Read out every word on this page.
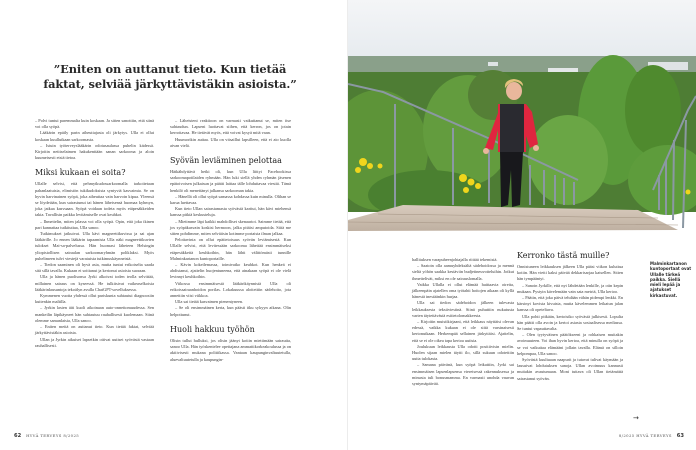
”Eniten on auttanut tieto. Kun tietää faktat, selviää järkyttävistäkin asioista.”

– Polvi tuntui paremmalta kuin koskaan. Ja sitten sanottiin, että siinä voi olla syöpä.

Lääkärin epäily parin aiheuttajasta oli järkytys. Ulla ei ollut koskaan kuullutkaan sarkoomasta.

– Istuin työterveyslääkärin odotusaulassa puhelin kädessä. Kirjoitin netitselaimen hakukenttään sanan sarkooma ja aloin kuumeisesti etsiä tietoa.

Miksi kukaan ei soita?

Ullalle selvisi, että pehmytkudossarkoomalla tarkoitetaan pahanlaatuisia, elimistön tukikudoksista syntyviä kasvaimia. Se on hyvin harvinainen syöpä, joka aiheuttaa vain harvoin kipua. Yleensä se löydetään, kun sairastunut tai hänen läheisensä huomaa kyhmyn, joka jatkaa kasvuaan. Syöpä voidaan todeta myös etäpesäkkeiden takia. Tavallisin paikka levitämiselle ovat keuhkot.

– Ihmettelin, miten jalassa voi olla syöpä. Opin, että joka ikinen pari kannattaa tutkituttaa, Ulla sanoo.

Tutkimukset jatkuivat. Ulla kävi magneettikuvissa ja sai ajan lääkärille. Jo ennen lääkärin tapaamista Ulla näki magneettikuvien tulokset Mai-sa-palvelussa. Hän huomasi läheteen Helsingin yliopistollisen sairaalan sarkoomaryhmän poliklaksi. Myös puhelimeen tulvi viestejä varatuista tutkimuskäynneistä.

– Tiedon saaminen oli hyvä asia, mutta tuntui erikoiselta saada sitä sillä tavalla. Kukaan ei soittanut ja kertonut asioista suoraan.

Ulla ja hänen puolisonsa Jyrki alkoivat toden teolla selvittää, millainen sairaus on kyseessä. He tulkitsivat vaikeaselkoisia lääkärinlausuntoja tekoälyn avulla ChatGPT-sovelluksessa.

Kymmenen vuotta yhdessä ollut pariskunta suhtautui diagnoosiin kuitenkin maltilla.

– Jyrkin lasten äiti kuoli aikoinaan auto-onnettomuudessa. Sen mankeilin läpikäyneet hän suhtautuu rauhallisesti kuolemaan. Siinä olemme samanlaisia, Ulla sanoo.

– Eniten meitä on auttanut tieto. Kun tietää faktat, selviää järkyttävistäkin asioista.

Ullan ja Jyrkin aikuiset lapsetkin ottivat uutiset syövästä vastaan rauhallisesti.

– Läheisteni reaktioon on varmasti vaikuttanut se, miten itse suhtaudun. Lapseni luottavat siihen, että kerron, jos on jotain kerrottavaa. He tietävät myös, että voivat kysyä mitä vaan.

Huumorikin auttaa. Ulla on vitsaillut lapsilleen, että ei aio kuolla aivan vielä.

Syövän leviäminen pelottaa

Hätkähdyttävä hetki oli, kun Ulla liittyi Facebookissa sarkoomapotilaiden ryhmään. Hän luki siellä yhden ryhmän jäsenen epätoivoisen julkaisun ja päätti laittaa tälle lohduttavaa viestiä. Tämä henkilö oli menettänyt jalkansa sarkooman takia.

– Hänellä oli ollut syöpä samassa kohdassa kuin minulla. Olihan se karua luettavaa.

Kun tieto Ullan sairastamasta syövästä karttui, hän kävi miehensä kanssa pitkiä keskusteluja.

– Mietimme läpi kaikki mahdolliset skenaariot. Saimme tietää, että jos syöpäkasvain koskisi hermoon, jalka pitäisi amputoida. Siitä me sitten pohdimme, miten selviäisin kotimme portaista ilman jalkaa.

Pelottavinta on ollut epätietoisuus syövän leviämisestä. Kun Ullalle selvisi, että levitessään sarkooma lähettää ensimmäiseksi etäpesäkkeitä keuhkoihin, hän lähti välittömästi tunnille Malminkartanon kuntoportaille.

– Kävin kokeilemassa, toimivatko keuhkot. Kun henkeä ei ahdistanut, ajattelin huojentuneena, että ainakaan syöpä ei ole vielä levinnyt keuhkoihin.

Viikossa ensimmäisestä lääkärikäynnistä Ulla oli erikoissairaanhoidon porilas. Lokakuussa aloitettiin sädehoito, jota annettiin viisi viikkoa.

Ulla sai tietää kasvaimen pienentyneen.

– Se oli ensimmäinen kerta, kun päästi itku sykyyn aikana. Olin helpottunut.

Huoli hakkuu työhön

Olisin tullut hulluksi, jos olisin jäänyt kotiin miettimään sairautta, sanoo Ulla. Hän työskentelee opettajana ammattikorkeakoulussa ja on aktiivisesti mukana politiikassa. Vantaan kaupunginvaltuutetulla, aluevaltuutetulla ja kaupungin-

62 HYVÄ TERVEYS 8/2025

hallituksen varapuheenjohtajalla riittää tekemistä.

– Saatoin olla aamuyhdeksältä sädehoidossa ja mennä sieltä yöhön saakka kestäviin budjetineuvotteluihin. Jotkut ihmettelivät, miksi en ole sairauslomalla.

Vaikka Ullalla ei ollut elämää haittaavia oireita, jälkeenpäin ajatellen oma työtahti hoitojen aikaan oli kyllä hänestä inestäänkin hurjaa.

Ulla sai tiedon sädehoidon jälkeen tulevasta leikkauksesta tekstiviestinä. Siinä puhuttiin nukutusta varten täytettävästä esitietolomakkeesta.

– Kirjoitin muistikirjaani, että leikkaus näyttäisi olevan edessä, vaikka kukaan ei ole siitä varsinaisesti kertonutkaan. Herkempää sellainen järkyttäisi. Ajattelin, että se ei ole oikea tapa kertoa uutisia.

Joulukuun leikkausta Ulla odotti positiivisin mielin. Huolen sijaan mielen täytti ilo, sillä sukuun odotettiin uutta tulokasta.

– Samana päivänä, kun syöpä leikattiin, Jyrki sai ensimmäisen lapsenlapsensa viereisessä rakennuksessa ja minusta tuli bonusmamma. En varmasti unohda vauvan syntymäpäivää.

Kerronko tästä muille?

Onnistuneen leikkauksen jälkeen Ulla pääsi viikon kuluttua kotiin. Hän vietti kaksi päivää dekkarisarjaa katsellen. Sitten hän tympääntyi.

– Sanoin Jyrkille, että nyt lähdetään lenkille, ja otin kepin mukaan. Pystyin kävelemään vain sata metriä, Ulla kertoo.

– Päätin, että joka päivä tehdään vähän pidempi lenkki. En kärsinyt kovista kivuista, mutta kävelemmen leikatun jalan kanssa oli opeteltava.

Ulla pohti pitkään, kertoisiko syövästä julkisesti. Lopulta hän päätti olla avoin ja kertoi asiasta sosiaalisessa mediassa. Se tuntui vapauttavalta.

– Olen tyytyväinen päätökseeni ja rohkaisen muitakin avoimuuteen. Voi ihan hyvin kertoa, että minulla on syöpä ja se voi vaikuttaa elämääni jollain tavalla. Elämä on silloin helpompaa, Ulla sanoo.

Syövästä kuultuaan naapurit ja tutavat tulivat käymään ja lausuivat lohdutuksen sanoja. Ullan avoimuus kannusti muitakin avautumaan. Moni tuttava oli Ullan tietämättä sairastanut syövän.

Malminkartanon kuntoportaat ovat Ullalle tärkeä paikka. Siellä mieli lepää ja ajatukset kirkastuvat.
→
8/2025 HYVÄ TERVEYS 63
